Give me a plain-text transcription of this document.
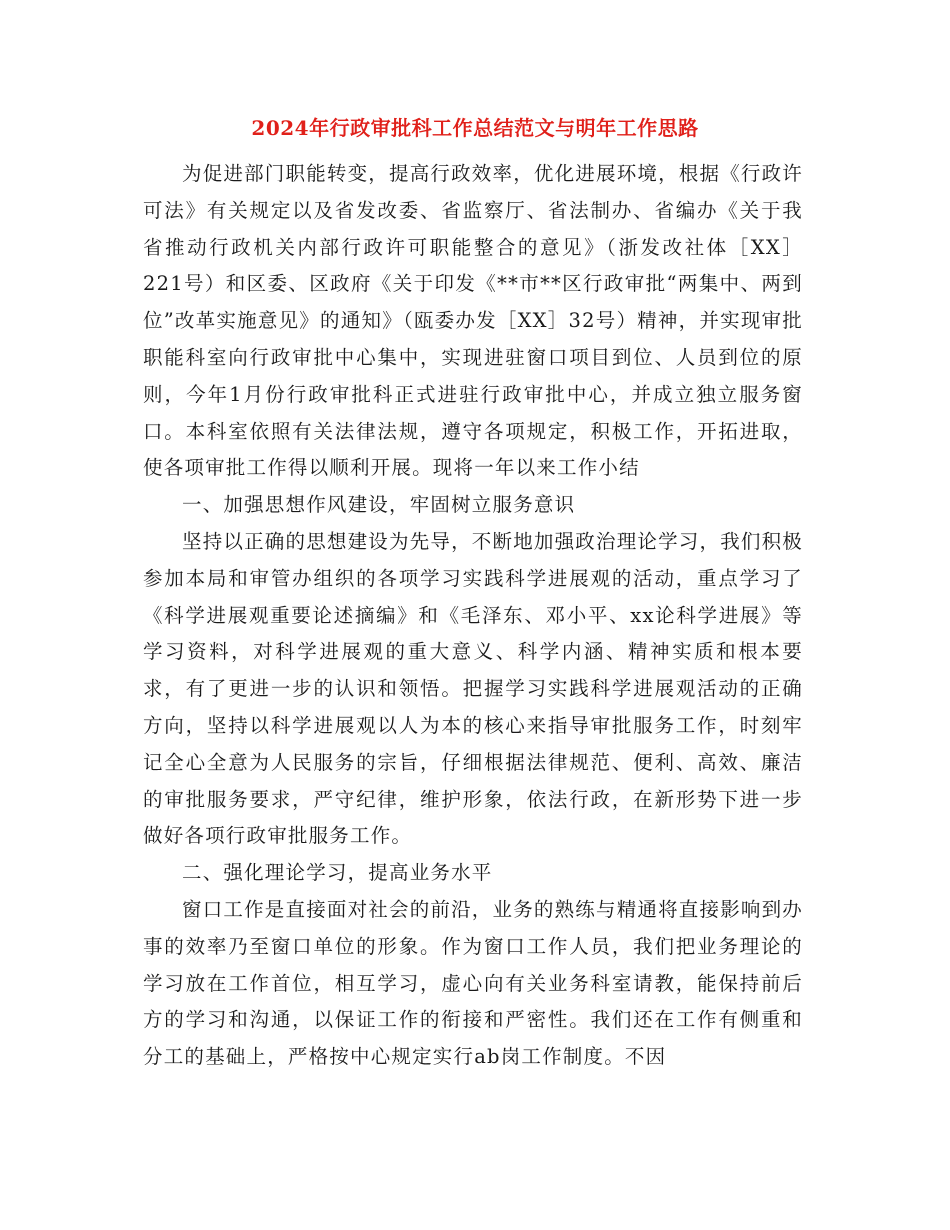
2024年行政审批科工作总结范文与明年工作思路

为促进部门职能转变，提高行政效率，优化进展环境，根据《行政许可法》有关规定以及省发改委、省监察厅、省法制办、省编办《关于我省推动行政机关内部行政许可职能整合的意见》（浙发改社体［XX］221号）和区委、区政府《关于印发《**市**区行政审批“两集中、两到位”改革实施意见》的通知》（瓯委办发［XX］32号）精神，并实现审批职能科室向行政审批中心集中，实现进驻窗口项目到位、人员到位的原则，今年1月份行政审批科正式进驻行政审批中心，并成立独立服务窗口。本科室依照有关法律法规，遵守各项规定，积极工作，开拓进取，使各项审批工作得以顺利开展。现将一年以来工作小结

一、加强思想作风建设，牢固树立服务意识

坚持以正确的思想建设为先导，不断地加强政治理论学习，我们积极参加本局和审管办组织的各项学习实践科学进展观的活动，重点学习了《科学进展观重要论述摘编》和《毛泽东、邓小平、xx论科学进展》等学习资料，对科学进展观的重大意义、科学内涵、精神实质和根本要求，有了更进一步的认识和领悟。把握学习实践科学进展观活动的正确方向，坚持以科学进展观以人为本的核心来指导审批服务工作，时刻牢记全心全意为人民服务的宗旨，仔细根据法律规范、便利、高效、廉洁的审批服务要求，严守纪律，维护形象，依法行政，在新形势下进一步做好各项行政审批服务工作。

二、强化理论学习，提高业务水平

窗口工作是直接面对社会的前沿，业务的熟练与精通将直接影响到办事的效率乃至窗口单位的形象。作为窗口工作人员，我们把业务理论的学习放在工作首位，相互学习，虚心向有关业务科室请教，能保持前后方的学习和沟通，以保证工作的衔接和严密性。我们还在工作有侧重和分工的基础上，严格按中心规定实行ab岗工作制度。不因
